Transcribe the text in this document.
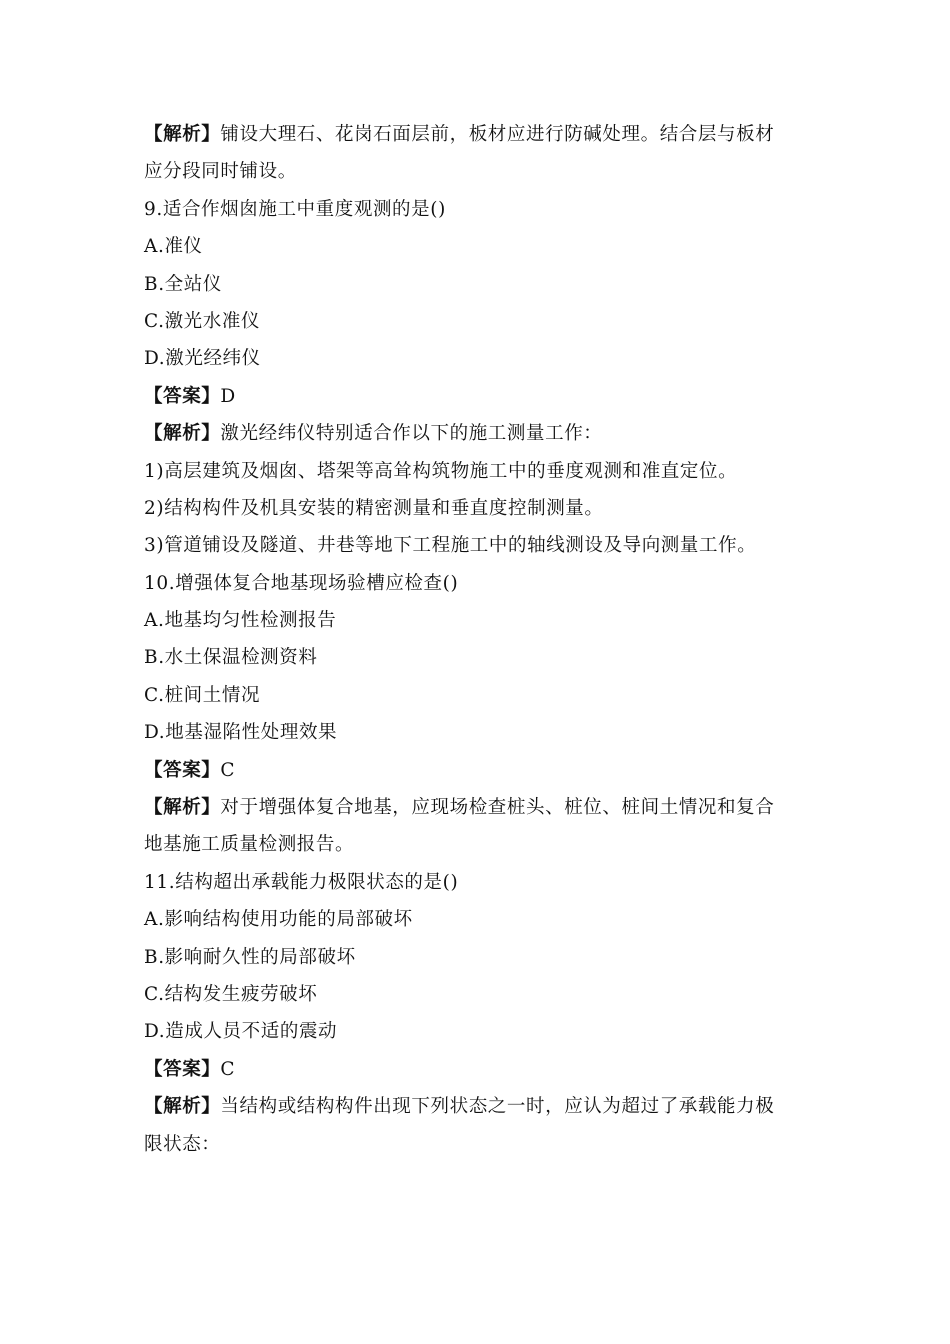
【解析】铺设大理石、花岗石面层前，板材应进行防碱处理。结合层与板材
应分段同时铺设。
9.适合作烟囱施工中重度观测的是()
A.准仪
B.全站仪
C.激光水准仪
D.激光经纬仪
【答案】D
【解析】激光经纬仪特别适合作以下的施工测量工作：
1)高层建筑及烟囱、塔架等高耸构筑物施工中的垂度观测和准直定位。
2)结构构件及机具安装的精密测量和垂直度控制测量。
3)管道铺设及隧道、井巷等地下工程施工中的轴线测设及导向测量工作。
10.增强体复合地基现场验槽应检查()
A.地基均匀性检测报告
B.水土保温检测资料
C.桩间土情况
D.地基湿陷性处理效果
【答案】C
【解析】对于增强体复合地基，应现场检查桩头、桩位、桩间土情况和复合
地基施工质量检测报告。
11.结构超出承载能力极限状态的是()
A.影响结构使用功能的局部破坏
B.影响耐久性的局部破坏
C.结构发生疲劳破坏
D.造成人员不适的震动
【答案】C
【解析】当结构或结构构件出现下列状态之一时，应认为超过了承载能力极
限状态：
